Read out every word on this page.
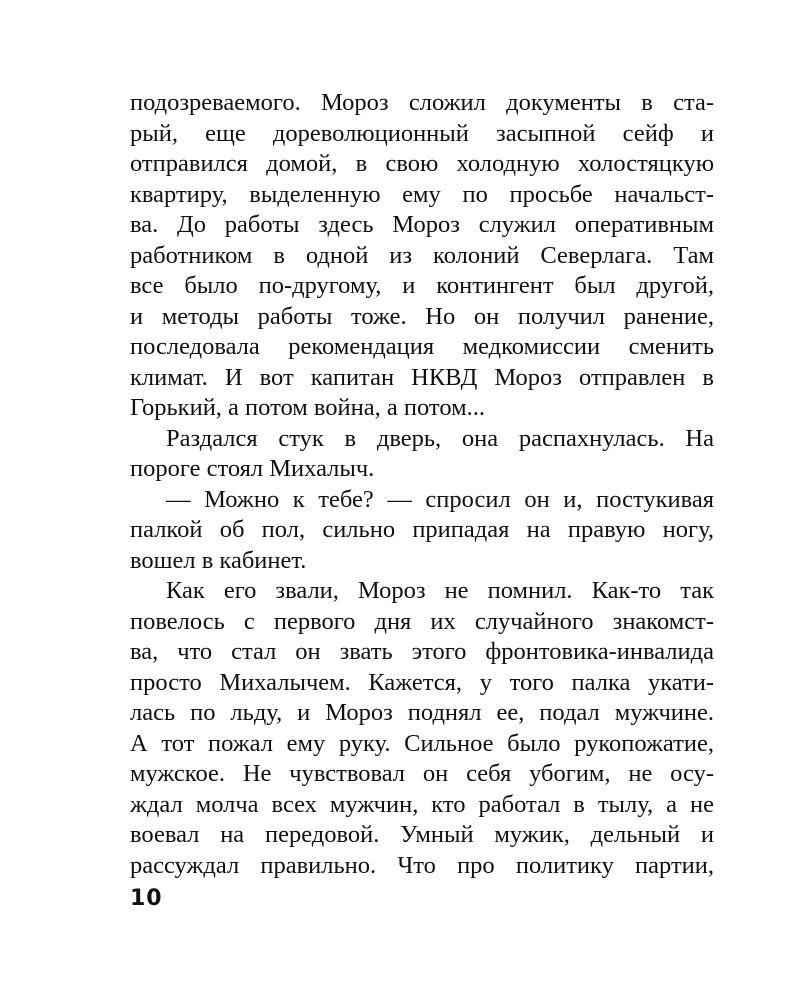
подозреваемого. Мороз сложил документы в ста-
рый, еще дореволюционный засыпной сейф и
отправился домой, в свою холодную холостяцкую
квартиру, выделенную ему по просьбе начальст-
ва. До работы здесь Мороз служил оперативным
работником в одной из колоний Северлага. Там
все было по-другому, и контингент был другой,
и методы работы тоже. Но он получил ранение,
последовала рекомендация медкомиссии сменить
климат. И вот капитан НКВД Мороз отправлен в
Горький, а потом война, а потом...
Раздался стук в дверь, она распахнулась. На
пороге стоял Михалыч.
— Можно к тебе? — спросил он и, постукивая
палкой об пол, сильно припадая на правую ногу,
вошел в кабинет.
Как его звали, Мороз не помнил. Как-то так
повелось с первого дня их случайного знакомст-
ва, что стал он звать этого фронтовика-инвалида
просто Михалычем. Кажется, у того палка укати-
лась по льду, и Мороз поднял ее, подал мужчине.
А тот пожал ему руку. Сильное было рукопожатие,
мужское. Не чувствовал он себя убогим, не осу-
ждал молча всех мужчин, кто работал в тылу, а не
воевал на передовой. Умный мужик, дельный и
рассуждал правильно. Что про политику партии,
10
